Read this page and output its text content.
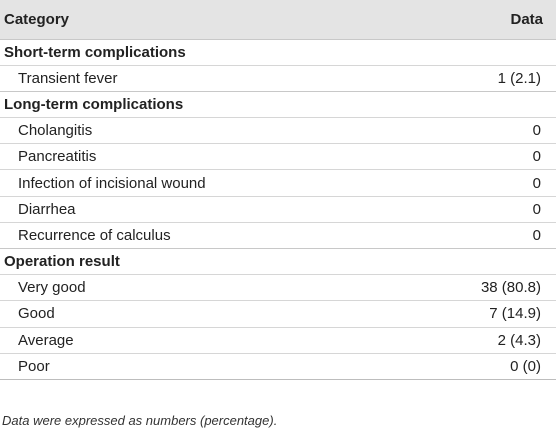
Category	Data
Short-term complications	
Transient fever	1 (2.1)
Long-term complications	
Cholangitis	0
Pancreatitis	0
Infection of incisional wound	0
Diarrhea	0
Recurrence of calculus	0
Operation result	
Very good	38 (80.8)
Good	7 (14.9)
Average	2 (4.3)
Poor	0 (0)
Data were expressed as numbers (percentage).
